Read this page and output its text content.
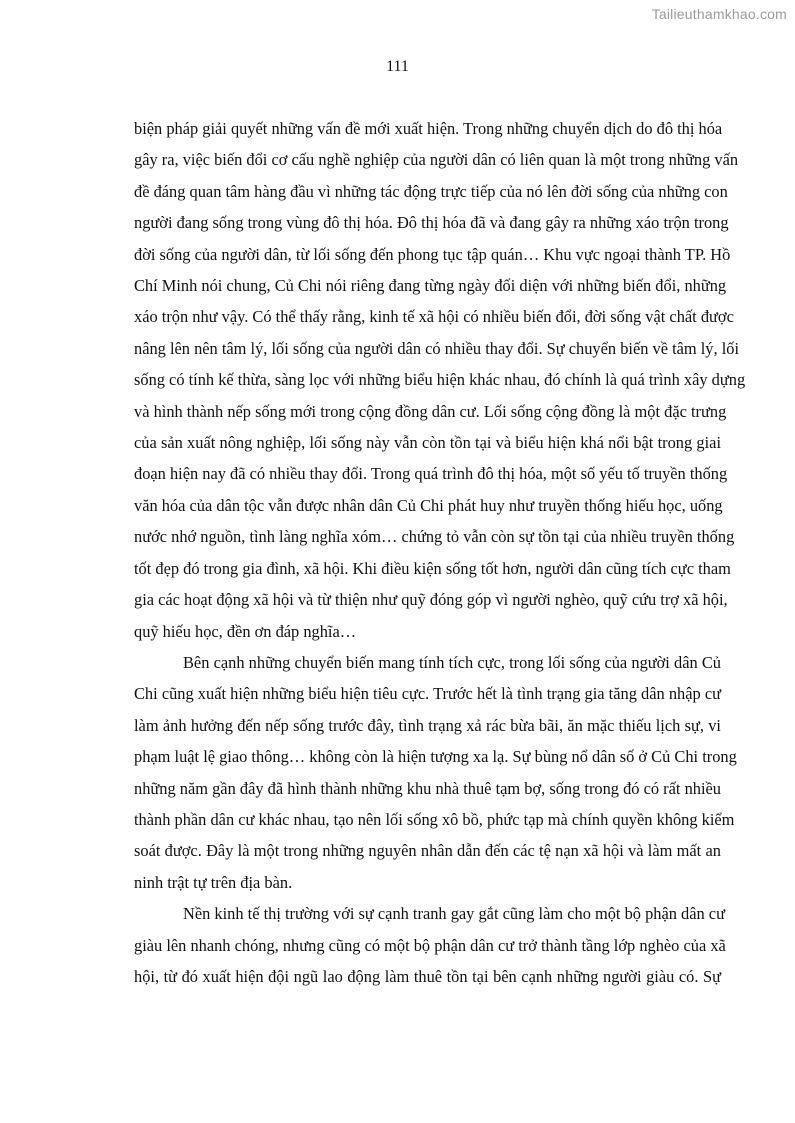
Tailieuthamkhao.com
111
biện pháp giải quyết những vấn đề mới xuất hiện. Trong những chuyển dịch do đô thị hóa
gây ra, việc biến đổi cơ cấu nghề nghiệp của người dân có liên quan là một trong những vấn
đề đáng quan tâm hàng đầu vì những tác động trực tiếp của nó lên đời sống của những con
người đang sống trong vùng đô thị hóa. Đô thị hóa đã và đang gây ra những xáo trộn trong
đời sống của người dân, từ lối sống đến phong tục tập quán… Khu vực ngoại thành TP. Hồ
Chí Minh nói chung, Củ Chi nói riêng đang từng ngày đối diện với những biến đổi, những
xáo trộn như vậy. Có thể thấy rằng, kinh tế xã hội có nhiều biến đổi, đời sống vật chất được
nâng lên nên tâm lý, lối sống của người dân có nhiều thay đổi. Sự chuyển biến về tâm lý, lối
sống có tính kế thừa, sàng lọc với những biểu hiện khác nhau, đó chính là quá trình xây dựng
và hình thành nếp sống mới trong cộng đồng dân cư. Lối sống cộng đồng là một đặc trưng
của sản xuất nông nghiệp, lối sống này vẫn còn tồn tại và biểu hiện khá nổi bật trong giai
đoạn hiện nay đã có nhiều thay đổi. Trong quá trình đô thị hóa, một số yếu tố truyền thống
văn hóa của dân tộc vẫn được nhân dân Củ Chi phát huy như truyền thống hiếu học, uống
nước nhớ nguồn, tình làng nghĩa xóm… chứng tỏ vẫn còn sự tồn tại của nhiều truyền thống
tốt đẹp đó trong gia đình, xã hội. Khi điều kiện sống tốt hơn, người dân cũng tích cực tham
gia các hoạt động xã hội và từ thiện như quỹ đóng góp vì người nghèo, quỹ cứu trợ xã hội,
quỹ hiếu học, đền ơn đáp nghĩa…
Bên cạnh những chuyển biến mang tính tích cực, trong lối sống của người dân Củ
Chi cũng xuất hiện những biểu hiện tiêu cực. Trước hết là tình trạng gia tăng dân nhập cư
làm ảnh hưởng đến nếp sống trước đây, tình trạng xả rác bừa bãi, ăn mặc thiếu lịch sự, vi
phạm luật lệ giao thông… không còn là hiện tượng xa lạ. Sự bùng nổ dân số ở Củ Chi trong
những năm gần đây đã hình thành những khu nhà thuê tạm bợ, sống trong đó có rất nhiều
thành phần dân cư khác nhau, tạo nên lối sống xô bồ, phức tạp mà chính quyền không kiểm
soát được. Đây là một trong những nguyên nhân dẫn đến các tệ nạn xã hội và làm mất an
ninh trật tự trên địa bàn.
Nền kinh tế thị trường với sự cạnh tranh gay gắt cũng làm cho một bộ phận dân cư
giàu lên nhanh chóng, nhưng cũng có một bộ phận dân cư trở thành tầng lớp nghèo của xã
hội, từ đó xuất hiện đội ngũ lao động làm thuê tồn tại bên cạnh những người giàu có. Sự
